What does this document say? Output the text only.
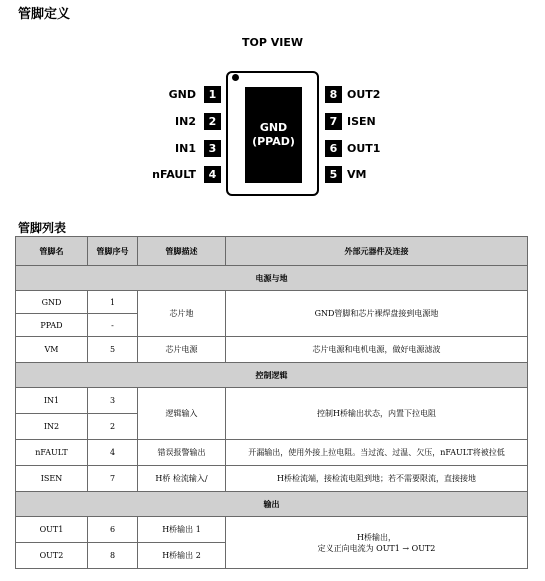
管脚定义
TOP VIEW
GND
(PPAD)
GND	1
IN2	2
IN1	3
nFAULT	4
8 OUT2
7 ISEN
6 OUT1
5 VM
管脚列表
管脚名	管脚序号	管脚描述	外部元器件及连接
电源与地			
GND	1	芯片地	GND管脚和芯片裸焊盘接到电源地
PPAD	-		
VM	5	芯片电源	芯片电源和电机电源，做好电源滤波
控制逻辑			
IN1	3	逻辑输入	控制H桥输出状态，内置下拉电阻
IN2	2		
nFAULT	4	错误报警输出	开漏输出，使用外接上拉电阻。当过流、过温、欠压，nFAULT将被拉低
ISEN	7	H桥 检流输入/	H桥检流端，接检流电阻到地；若不需要限流，直接接地
输出			
OUT1	6	H桥输出 1	H桥输出，
定义正向电流为 OUT1 → OUT2

OUT2	8	H桥输出 2	
